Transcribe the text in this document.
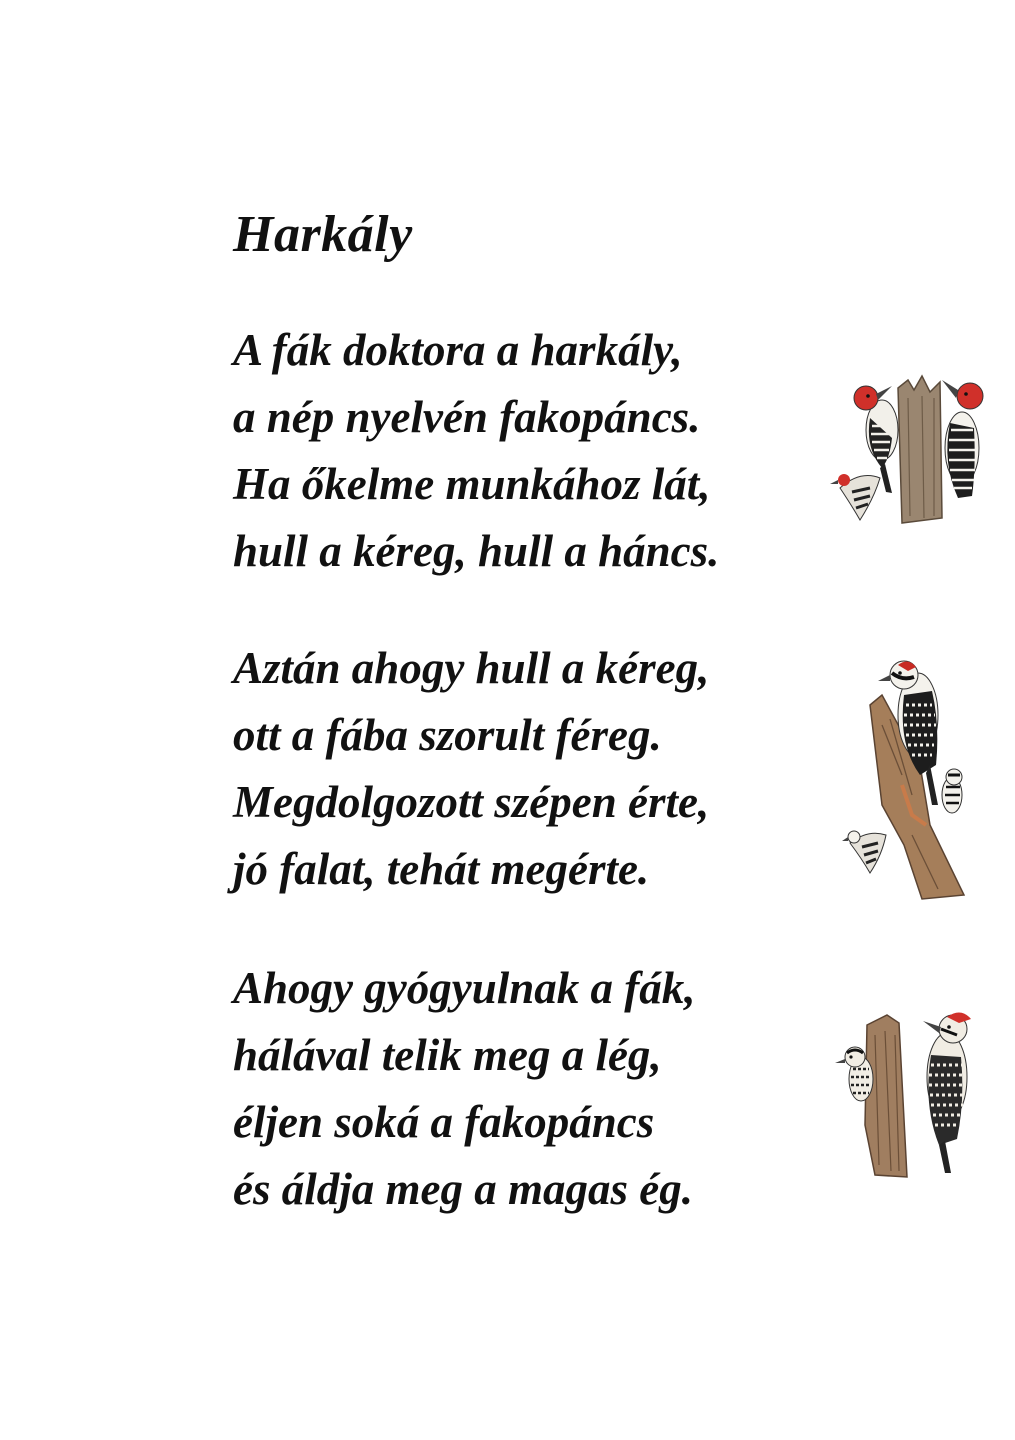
Harkály
A fák doktora a harkály,
a nép nyelvén fakopáncs.
Ha őkelme munkához lát,
hull a kéreg, hull a háncs.
Aztán ahogy hull a kéreg,
ott a fába szorult féreg.
Megdolgozott szépen érte,
jó falat, tehát megérte.
Ahogy gyógyulnak a fák,
hálával telik meg a lég,
éljen soká a fakopáncs
és áldja meg a magas ég.
